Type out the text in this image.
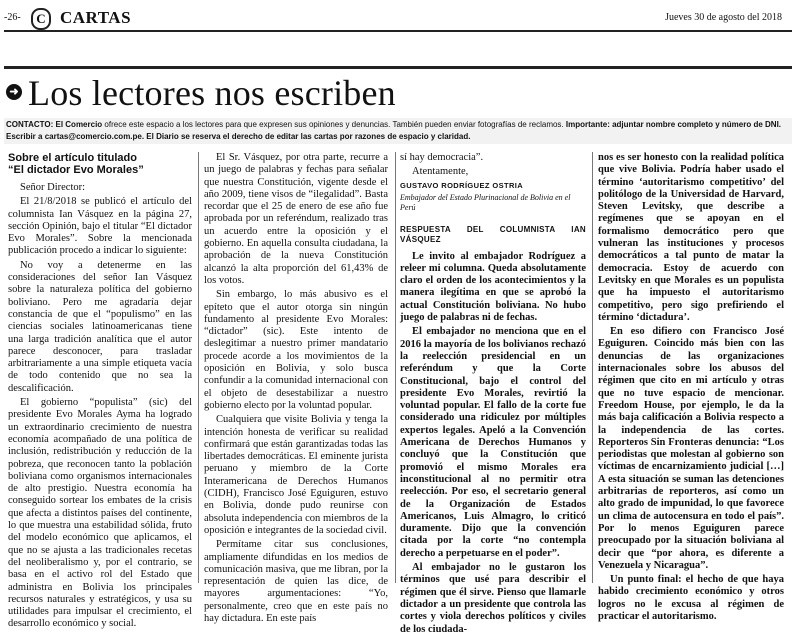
-26-	C CARTAS	Jueves 30 de agosto del 2018
➜ Los lectores nos escriben
CONTACTO: El Comercio ofrece este espacio a los lectores para que expresen sus opiniones y denuncias. También pueden enviar fotografías de reclamos. Importante: adjuntar nombre completo y número de DNI. Escribir a cartas@comercio.com.pe. El Diario se reserva el derecho de editar las cartas por razones de espacio y claridad.
Sobre el artículo titulado
“El dictador Evo Morales”

Señor Director:

El 21/8/2018 se publicó el artículo del columnista Ian Vásquez en la página 27, sección Opinión, bajo el titular “El dictador Evo Morales”. Sobre la mencionada publicación procedo a indicar lo siguiente:

No voy a detenerme en las consideraciones del señor Ian Vásquez sobre la naturaleza política del gobierno boliviano. Pero me agradaría dejar constancia de que el “populismo” en las ciencias sociales latinoamericanas tiene una larga tradición analítica que el autor parece desconocer, para trasladar arbitrariamente a una simple etiqueta vacía de todo contenido que no sea la descalificación.

El gobierno “populista” (sic) del presidente Evo Morales Ayma ha logrado un extraordinario crecimiento de nuestra economía acompañado de una política de inclusión, redistribución y reducción de la pobreza, que reconocen tanto la población boliviana como organismos internacionales de alto prestigio. Nuestra economía ha conseguido sortear los embates de la crisis que afecta a distintos países del continente, lo que muestra una estabilidad sólida, fruto del modelo económico que aplicamos, el que no se ajusta a las tradicionales recetas del neoliberalismo y, por el contrario, se basa en el activo rol del Estado que administra en Bolivia los principales recursos naturales y estratégicos, y usa su utilidades para impulsar el crecimiento, el desarrollo económico y social.

El Sr. Vásquez, por otra parte, recurre a un juego de palabras y fechas para señalar que nuestra Constitución, vigente desde el año 2009, tiene visos de “ilegalidad”. Basta recordar que el 25 de enero de ese año fue aprobada por un referéndum, realizado tras un acuerdo entre la oposición y el gobierno. En aquella consulta ciudadana, la aprobación de la nueva Constitución alcanzó la alta proporción del 61,43% de los votos.

Sin embargo, lo más abusivo es el epíteto que el autor otorga sin ningún fundamento al presidente Evo Morales: “dictador” (sic). Este intento de deslegitimar a nuestro primer mandatario procede acorde a los movimientos de la oposición en Bolivia, y solo busca confundir a la comunidad internacional con el objeto de desestabilizar a nuestro gobierno electo por la voluntad popular.

Cualquiera que visite Bolivia y tenga la intención honesta de verificar su realidad confirmará que están garantizadas todas las libertades democráticas. El eminente jurista peruano y miembro de la Corte Interamericana de Derechos Humanos (CIDH), Francisco José Eguiguren, estuvo en Bolivia, donde pudo reunirse con absoluta independencia con miembros de la oposición e integrantes de la sociedad civil.

Permítame citar sus conclusiones, ampliamente difundidas en los medios de comunicación masiva, que me libran, por la representación de quien las dice, de mayores argumentaciones: “Yo, personalmente, creo que en este país no hay dictadura. En este país

sí hay democracia”.

Atentamente,

GUSTAVO RODRÍGUEZ OSTRIA
Embajador del Estado Plurinacional de Bolivia en el Perú
RESPUESTA DEL COLUMNISTA IAN VÁSQUEZ

Le invito al embajador Rodríguez a releer mi columna. Queda absolutamente claro el orden de los acontecimientos y la manera ilegítima en que se aprobó la actual Constitución boliviana. No hubo juego de palabras ni de fechas.

El embajador no menciona que en el 2016 la mayoría de los bolivianos rechazó la reelección presidencial en un referéndum y que la Corte Constitucional, bajo el control del presidente Evo Morales, revirtió la voluntad popular. El fallo de la corte fue considerado una ridiculez por múltiples expertos legales. Apeló a la Convención Americana de Derechos Humanos y concluyó que la Constitución que promovió el mismo Morales era inconstitucional al no permitir otra reelección. Por eso, el secretario general de la Organización de Estados Americanos, Luis Almagro, lo criticó duramente. Dijo que la convención citada por la corte “no contempla derecho a perpetuarse en el poder”.

Al embajador no le gustaron los términos que usé para describir el régimen que él sirve. Pienso que llamarle dictador a un presidente que controla las cortes y viola derechos políticos y civiles de los ciudada-

nos es ser honesto con la realidad política que vive Bolivia. Podría haber usado el término ‘autoritarismo competitivo’ del politólogo de la Universidad de Harvard, Steven Levitsky, que describe a regímenes que se apoyan en el formalismo democrático pero que vulneran las instituciones y procesos democráticos a tal punto de matar la democracia. Estoy de acuerdo con Levitsky en que Morales es un populista que ha impuesto el autoritarismo competitivo, pero sigo prefiriendo el término ‘dictadura’.

En eso difiero con Francisco José Eguiguren. Coincido más bien con las denuncias de las organizaciones internacionales sobre los abusos del régimen que cito en mi artículo y otras que no tuve espacio de mencionar. Freedom House, por ejemplo, le da la más baja calificación a Bolivia respecto a la independencia de las cortes. Reporteros Sin Fronteras denuncia: “Los periodistas que molestan al gobierno son víctimas de encarnizamiento judicial […] A esta situación se suman las detenciones arbitrarias de reporteros, así como un alto grado de impunidad, lo que favorece un clima de autocensura en todo el país”. Por lo menos Eguiguren parece preocupado por la situación boliviana al decir que “por ahora, es diferente a Venezuela y Nicaragua”.

Un punto final: el hecho de que haya habido crecimiento económico y otros logros no le excusa al régimen de practicar el autoritarismo.
